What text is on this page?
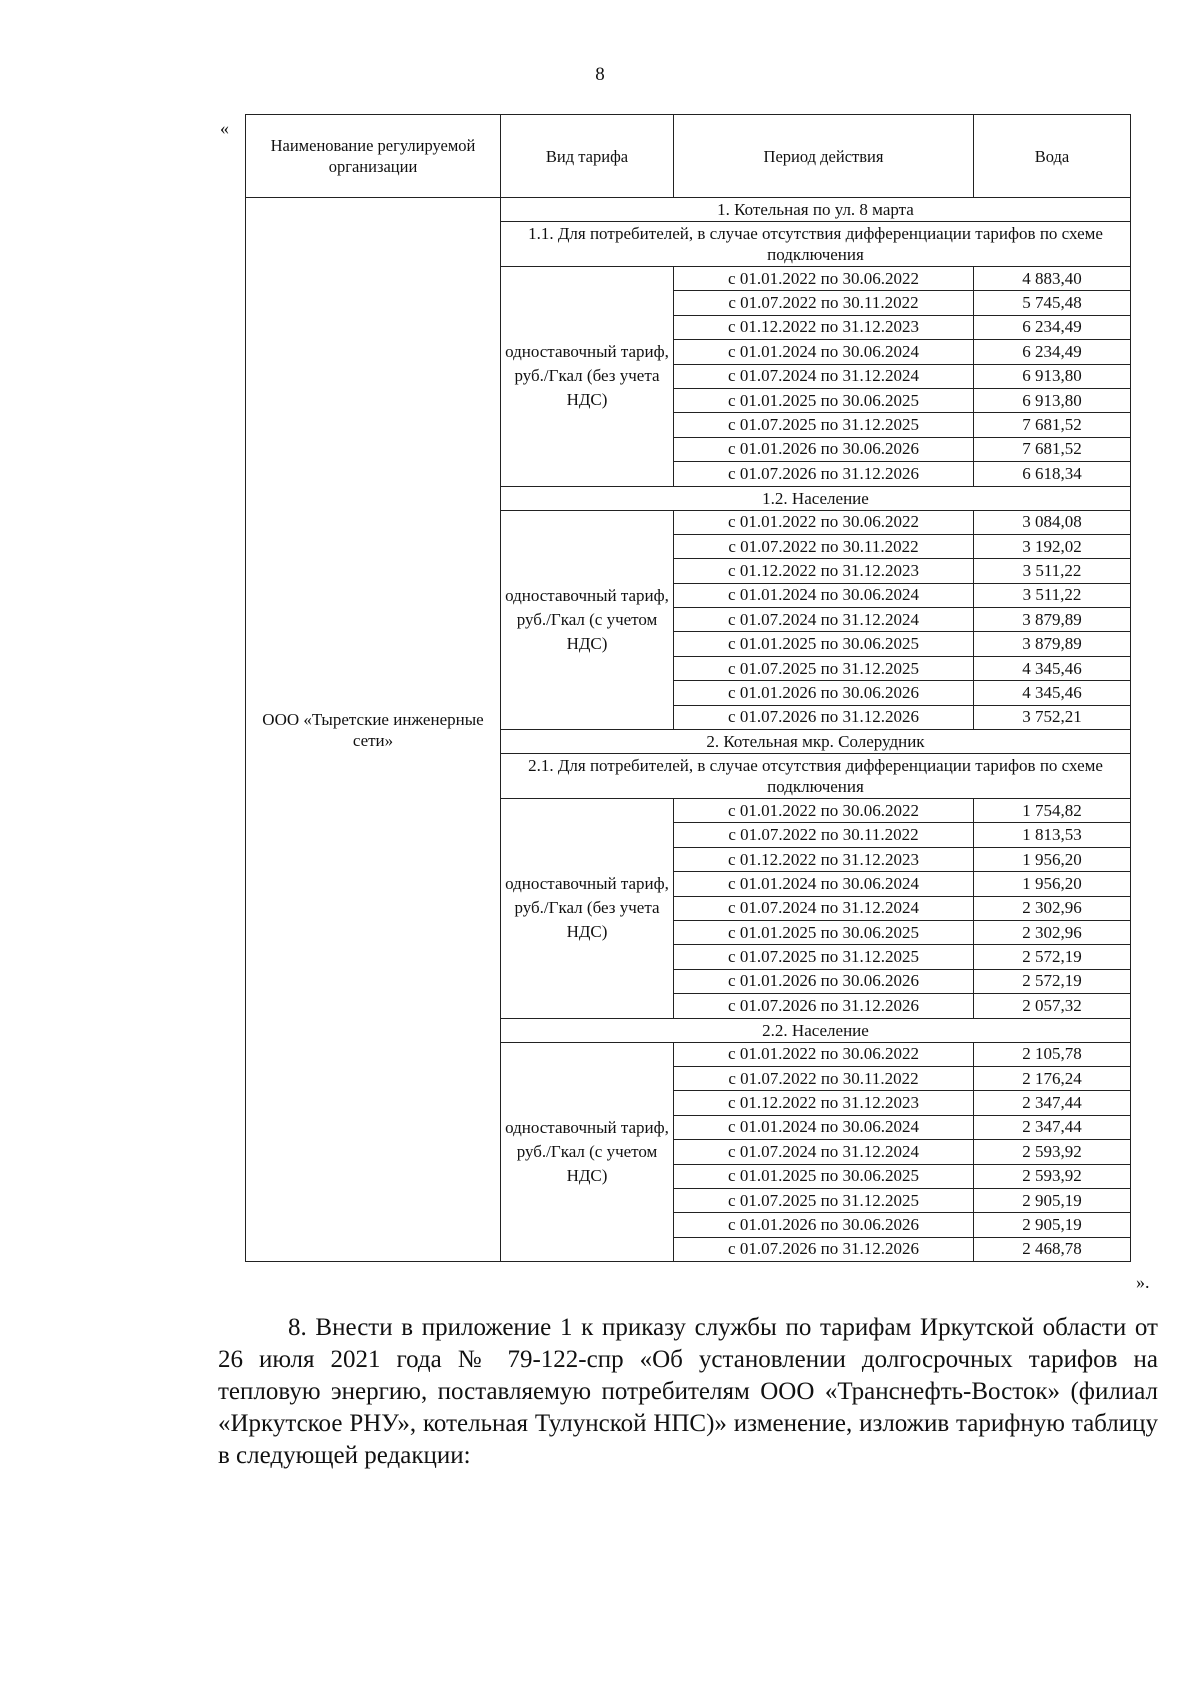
8
«
Наименование регулируемой организации	Вид тарифа	Период действия	Вода
ООО «Тыретские инженерные сети»	1. Котельная по ул. 8 марта		
	1.1. Для потребителей, в случае отсутствия дифференциации тарифов по схеме подключения		
	одноставочный тариф, руб./Гкал (без учета НДС)	с 01.01.2022 по 30.06.2022	4 883,40
		с 01.07.2022 по 30.11.2022	5 745,48
		с 01.12.2022 по 31.12.2023	6 234,49
		с 01.01.2024 по 30.06.2024	6 234,49
		с 01.07.2024 по 31.12.2024	6 913,80
		с 01.01.2025 по 30.06.2025	6 913,80
		с 01.07.2025 по 31.12.2025	7 681,52
		с 01.01.2026 по 30.06.2026	7 681,52
		с 01.07.2026 по 31.12.2026	6 618,34
	1.2. Население		
	одноставочный тариф, руб./Гкал (с учетом НДС)	с 01.01.2022 по 30.06.2022	3 084,08
		с 01.07.2022 по 30.11.2022	3 192,02
		с 01.12.2022 по 31.12.2023	3 511,22
		с 01.01.2024 по 30.06.2024	3 511,22
		с 01.07.2024 по 31.12.2024	3 879,89
		с 01.01.2025 по 30.06.2025	3 879,89
		с 01.07.2025 по 31.12.2025	4 345,46
		с 01.01.2026 по 30.06.2026	4 345,46
		с 01.07.2026 по 31.12.2026	3 752,21
	2. Котельная мкр. Солерудник		
	2.1. Для потребителей, в случае отсутствия дифференциации тарифов по схеме подключения		
	одноставочный тариф, руб./Гкал (без учета НДС)	с 01.01.2022 по 30.06.2022	1 754,82
		с 01.07.2022 по 30.11.2022	1 813,53
		с 01.12.2022 по 31.12.2023	1 956,20
		с 01.01.2024 по 30.06.2024	1 956,20
		с 01.07.2024 по 31.12.2024	2 302,96
		с 01.01.2025 по 30.06.2025	2 302,96
		с 01.07.2025 по 31.12.2025	2 572,19
		с 01.01.2026 по 30.06.2026	2 572,19
		с 01.07.2026 по 31.12.2026	2 057,32
	2.2. Население		
	одноставочный тариф, руб./Гкал (с учетом НДС)	с 01.01.2022 по 30.06.2022	2 105,78
		с 01.07.2022 по 30.11.2022	2 176,24
		с 01.12.2022 по 31.12.2023	2 347,44
		с 01.01.2024 по 30.06.2024	2 347,44
		с 01.07.2024 по 31.12.2024	2 593,92
		с 01.01.2025 по 30.06.2025	2 593,92
		с 01.07.2025 по 31.12.2025	2 905,19
		с 01.01.2026 по 30.06.2026	2 905,19
		с 01.07.2026 по 31.12.2026	2 468,78
».

8. Внести в приложение 1 к приказу службы по тарифам Иркутской области от 26 июля 2021 года № 79-122-спр «Об установлении долгосрочных тарифов на тепловую энергию, поставляемую потребителям ООО «Транснефть-Восток» (филиал «Иркутское РНУ», котельная Тулунской НПС)» изменение, изложив тарифную таблицу в следующей редакции:
